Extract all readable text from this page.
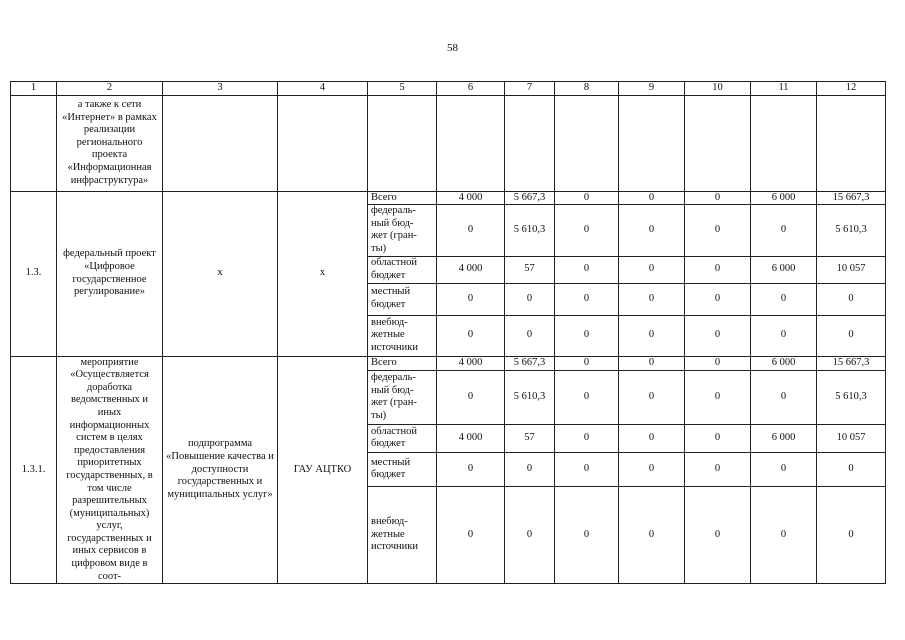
58
1	2	3	4	5	6	7	8	9	10	11	12
	а также к сети «Интернет» в рамках реализации регионального проекта «Информационная инфраструктура»										
1.3.	федеральный проект «Цифровое государственное регулирование»	х	х	Всего	4 000	5 667,3	0	0	0	6 000	15 667,3

				федераль-
ный бюд-
жет (гран-
ты)	0	5 610,3	0	0	0	0	5 610,3

				областной
бюджет	4 000	57	0	0	0	6 000	10 057

				местный
бюджет	0	0	0	0	0	0	0

				внебюд-
жетные
источники	0	0	0	0	0	0	0
1.3.1.	мероприятие «Осуществляется доработка ведомственных и иных информационных систем в целях предоставления приоритетных государственных, в том числе разрешительных (муниципальных) услуг, государственных и иных сервисов в цифровом виде в соот-	подпрограмма «Повышение качества и доступности государственных и муниципальных услуг»	ГАУ АЦТКО	Всего	4 000	5 667,3	0	0	0	6 000	15 667,3

				федераль-
ный бюд-
жет (гран-
ты)	0	5 610,3	0	0	0	0	5 610,3

				областной
бюджет	4 000	57	0	0	0	6 000	10 057

				местный
бюджет	0	0	0	0	0	0	0

				внебюд-
жетные
источники	0	0	0	0	0	0	0
